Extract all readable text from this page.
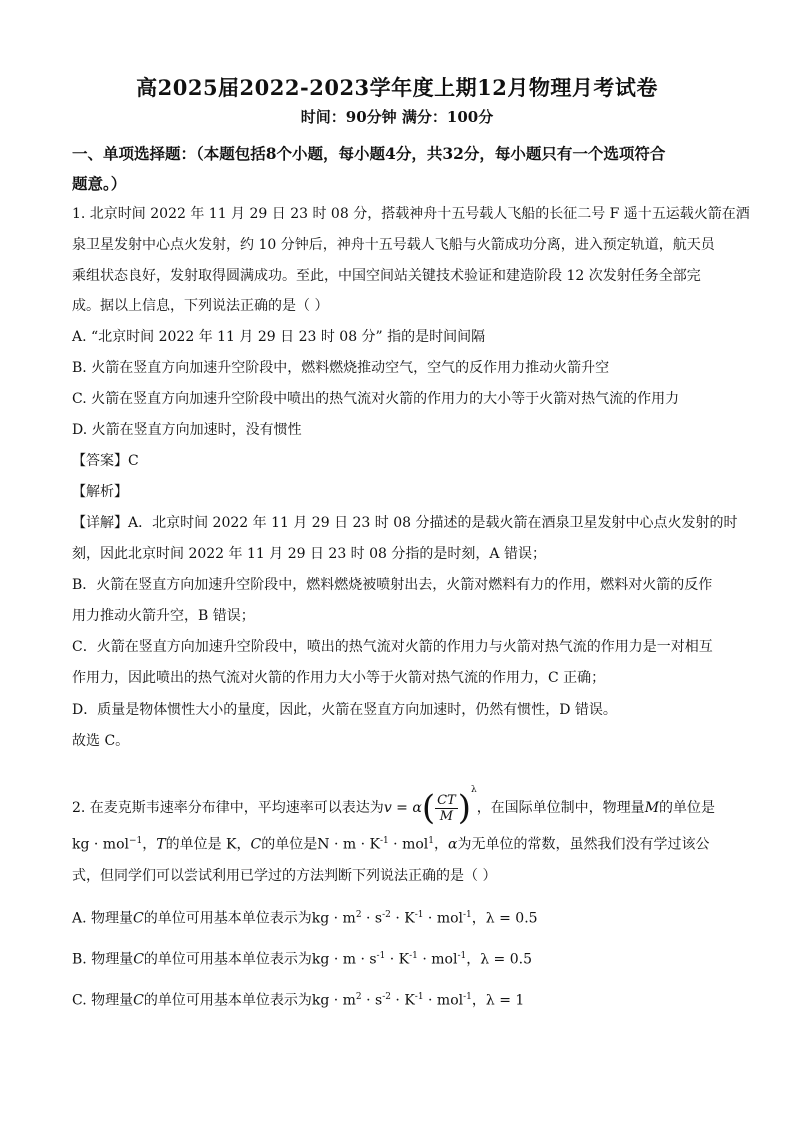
高2025届2022-2023学年度上期12月物理月考试卷
时间：90分钟 满分：100分
一、单项选择题：（本题包括8个小题，每小题4分，共32分，每小题只有一个选项符合
题意。）
1. 北京时间 2022 年 11 月 29 日 23 时 08 分，搭载神舟十五号载人飞船的长征二号 F 遥十五运载火箭在酒
泉卫星发射中心点火发射，约 10 分钟后，神舟十五号载人飞船与火箭成功分离，进入预定轨道，航天员
乘组状态良好，发射取得圆满成功。至此，中国空间站关键技术验证和建造阶段 12 次发射任务全部完
成。据以上信息，下列说法正确的是（ ）
A. “北京时间 2022 年 11 月 29 日 23 时 08 分” 指的是时间间隔
B. 火箭在竖直方向加速升空阶段中，燃料燃烧推动空气，空气的反作用力推动火箭升空
C. 火箭在竖直方向加速升空阶段中喷出的热气流对火箭的作用力的大小等于火箭对热气流的作用力
D. 火箭在竖直方向加速时，没有惯性
【答案】C
【解析】
【详解】A．北京时间 2022 年 11 月 29 日 23 时 08 分描述的是载火箭在酒泉卫星发射中心点火发射的时
刻，因此北京时间 2022 年 11 月 29 日 23 时 08 分指的是时刻，A 错误；
B．火箭在竖直方向加速升空阶段中，燃料燃烧被喷射出去，火箭对燃料有力的作用，燃料对火箭的反作
用力推动火箭升空，B 错误；
C．火箭在竖直方向加速升空阶段中，喷出的热气流对火箭的作用力与火箭对热气流的作用力是一对相互
作用力，因此喷出的热气流对火箭的作用力大小等于火箭对热气流的作用力，C 正确；
D．质量是物体惯性大小的量度，因此，火箭在竖直方向加速时，仍然有惯性，D 错误。
故选 C。
2. 在麦克斯韦速率分布律中，平均速率可以表达为$v = \alpha( \frac{CT}{M} )^\lambda$，在国际单位制中，物理量M的单位是
kg · mol$^{-1}$，T的单位是 K，C的单位是$N \cdot m \cdot K^{-1} \cdot mol^1$，α为无单位的常数，虽然我们没有学过该公
式，但同学们可以尝试利用已学过的方法判断下列说法正确的是（ ）
A. 物理量C的单位可用基本单位表示为kg · $m^2 \cdot s^{-2} \cdot K^{-1} \cdot mol^{-1}$，λ = 0.5
B. 物理量C的单位可用基本单位表示为kg · $m \cdot s^{-1} \cdot K^{-1} \cdot mol^{-1}$，λ = 0.5
C. 物理量C的单位可用基本单位表示为kg · $m^2 \cdot s^{-2} \cdot K^{-1} \cdot mol^{-1}$，λ = 1
